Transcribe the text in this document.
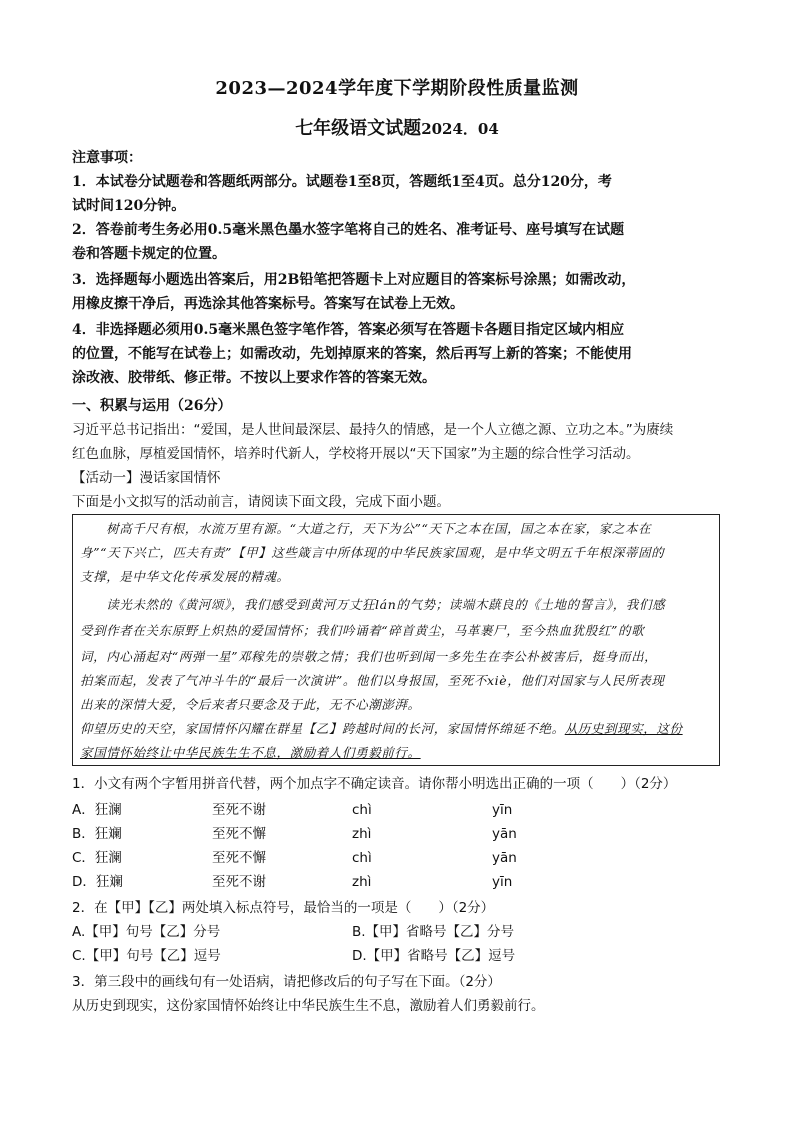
2023—2024学年度下学期阶段性质量监测
七年级语文试题2024．04
注意事项：
1．本试卷分试题卷和答题纸两部分。试题卷1至8页，答题纸1至4页。总分120分，考
试时间120分钟。
2．答卷前考生务必用0.5毫米黑色墨水签字笔将自己的姓名、准考证号、座号填写在试题
卷和答题卡规定的位置。
3．选择题每小题选出答案后，用2B铅笔把答题卡上对应题目的答案标号涂黑；如需改动，
用橡皮擦干净后，再选涂其他答案标号。答案写在试卷上无效。
4．非选择题必须用0.5毫米黑色签字笔作答，答案必须写在答题卡各题目指定区域内相应
的位置，不能写在试卷上；如需改动，先划掉原来的答案，然后再写上新的答案；不能使用
涂改液、胶带纸、修正带。不按以上要求作答的答案无效。
一、积累与运用（26分）
习近平总书记指出：“爱国，是人世间最深层、最持久的情感，是一个人立德之源、立功之本。”为赓续
红色血脉，厚植爱国情怀，培养时代新人，学校将开展以“天下国家”为主题的综合性学习活动。
【活动一】漫话家国情怀
下面是小文拟写的活动前言，请阅读下面文段，完成下面小题。
　　树高千尺有根，水流万里有源。“大道之行，天下为公”“天下之本在国，国之本在家，家之本在
身”“天下兴亡，匹夫有责”【甲】这些箴言中所体现的中华民族家国观，是中华文明五千年根深蒂固的
支撑，是中华文化传承发展的精魂。
　　读光未然的《黄河颂》，我们感受到黄河万丈狂lán的气势；读端木蕻良的《土地的誓言》，我们感
受到作者在关东原野上炽热的爱国情怀；我们吟诵着“碎首黄尘，马革裹尸，至今热血犹殷红”的歌
词，内心涌起对“两弹一星”邓稼先的崇敬之情；我们也听到闻一多先生在李公朴被害后，挺身而出，
拍案而起，发表了气冲斗牛的“最后一次演讲”。他们以身报国，至死不xiè，他们对国家与人民所表现
出来的深情大爱，令后来者只要念及于此，无不心潮澎湃。
仰望历史的天空，家国情怀闪耀在群星【乙】跨越时间的长河，家国情怀绵延不绝。从历史到现实，这份
家国情怀始终让中华民族生生不息，激励着人们勇毅前行。
1．小文有两个字暂用拼音代替，两个加点字不确定读音。请你帮小明选出正确的一项（　　）（2分）
A．狂澜	至死不谢	chì	yīn
B．狂斓	至死不懈	zhì	yān
C．狂澜	至死不懈	chì	yān
D．狂斓	至死不谢	zhì	yīn
2．在【甲】【乙】两处填入标点符号，最恰当的一项是（　　）（2分）
A.【甲】句号【乙】分号	B.【甲】省略号【乙】分号
C.【甲】句号【乙】逗号	D.【甲】省略号【乙】逗号
3．第三段中的画线句有一处语病，请把修改后的句子写在下面。（2分）
从历史到现实，这份家国情怀始终让中华民族生生不息，激励着人们勇毅前行。
